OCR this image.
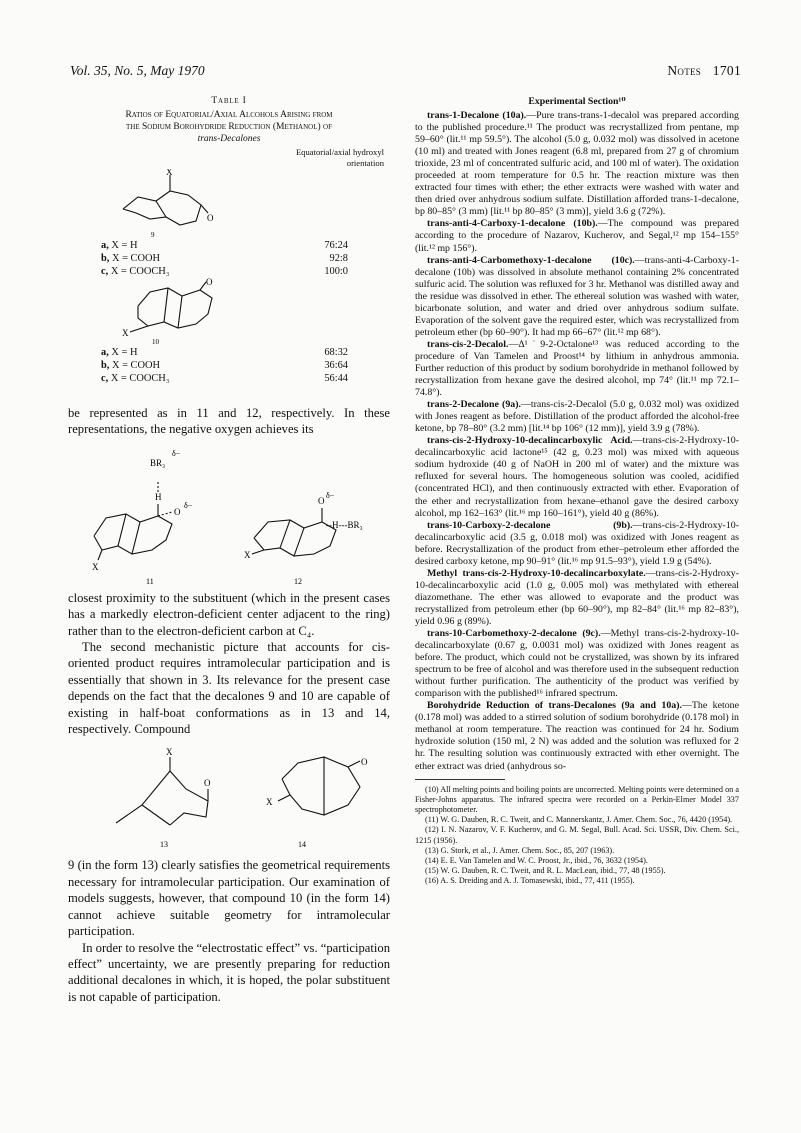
Vol. 35, No. 5, May 1970	Notes 1701
Table I
Ratios of Equatorial/Axial Alcohols Arising from
the Sodium Borohydride Reduction (Methanol) of
trans-Decalones
Equatorial/axial hydroxyl
orientation
X
O
9
a, X = H	76:24
b, X = COOH	92:8
c, X = COOCH₃	100:0
O
X
10
a, X = H	68:32
b, X = COOH	36:64
c, X = COOCH₃	56:44

be represented as in 11 and 12, respectively. In these representations, the negative oxygen achieves its

BR₃
δ−
H
O
δ−
X
11
O
δ−
--H---BR₃
X
12

closest proximity to the substituent (which in the present cases has a markedly electron-deficient center adjacent to the ring) rather than to the electron-deficient carbon at C₄.

The second mechanistic picture that accounts for cis-oriented product requires intramolecular participation and is essentially that shown in 3. Its relevance for the present case depends on the fact that the decalones 9 and 10 are capable of existing in half-boat conformations as in 13 and 14, respectively. Compound

X
O
13
O
X
14

9 (in the form 13) clearly satisfies the geometrical requirements necessary for intramolecular participation. Our examination of models suggests, however, that compound 10 (in the form 14) cannot achieve suitable geometry for intramolecular participation.

In order to resolve the “electrostatic effect” vs. “participation effect” uncertainty, we are presently preparing for reduction additional decalones in which, it is hoped, the polar substituent is not capable of participation.

Experimental Section¹⁰

trans-1-Decalone (10a).—Pure trans-trans-1-decalol was prepared according to the published procedure.¹¹ The product was recrystallized from pentane, mp 59–60° (lit.¹¹ mp 59.5°). The alcohol (5.0 g, 0.032 mol) was dissolved in acetone (10 ml) and treated with Jones reagent (6.8 ml, prepared from 27 g of chromium trioxide, 23 ml of concentrated sulfuric acid, and 100 ml of water). The oxidation proceeded at room temperature for 0.5 hr. The reaction mixture was then extracted four times with ether; the ether extracts were washed with water and then dried over anhydrous sodium sulfate. Distillation afforded trans-1-decalone, bp 80–85° (3 mm) [lit.¹¹ bp 80–85° (3 mm)], yield 3.6 g (72%).

trans-anti-4-Carboxy-1-decalone (10b).—The compound was prepared according to the procedure of Nazarov, Kucherov, and Segal,¹² mp 154–155° (lit.¹² mp 156°).

trans-anti-4-Carbomethoxy-1-decalone (10c).—trans-anti-4-Carboxy-1-decalone (10b) was dissolved in absolute methanol containing 2% concentrated sulfuric acid. The solution was refluxed for 3 hr. Methanol was distilled away and the residue was dissolved in ether. The ethereal solution was washed with water, bicarbonate solution, and water and dried over anhydrous sodium sulfate. Evaporation of the solvent gave the required ester, which was recrystallized from petroleum ether (bp 60–90°). It had mp 66–67° (lit.¹² mp 68°).

trans-cis-2-Decalol.—Δ¹˙9-2-Octalone¹³ was reduced according to the procedure of Van Tamelen and Proost¹⁴ by lithium in anhydrous ammonia. Further reduction of this product by sodium borohydride in methanol followed by recrystallization from hexane gave the desired alcohol, mp 74° (lit.¹¹ mp 72.1–74.8°).

trans-2-Decalone (9a).—trans-cis-2-Decalol (5.0 g, 0.032 mol) was oxidized with Jones reagent as before. Distillation of the product afforded the alcohol-free ketone, bp 78–80° (3.2 mm) [lit.¹⁴ bp 106° (12 mm)], yield 3.9 g (78%).

trans-cis-2-Hydroxy-10-decalincarboxylic Acid.—trans-cis-2-Hydroxy-10-decalincarboxylic acid lactone¹⁵ (42 g, 0.23 mol) was mixed with aqueous sodium hydroxide (40 g of NaOH in 200 ml of water) and the mixture was refluxed for several hours. The homogeneous solution was cooled, acidified (concentrated HCl), and then continuously extracted with ether. Evaporation of the ether and recrystallization from hexane–ethanol gave the desired carboxy alcohol, mp 162–163° (lit.¹⁶ mp 160–161°), yield 40 g (86%).

trans-10-Carboxy-2-decalone (9b).—trans-cis-2-Hydroxy-10-decalincarboxylic acid (3.5 g, 0.018 mol) was oxidized with Jones reagent as before. Recrystallization of the product from ether–petroleum ether afforded the desired carboxy ketone, mp 90–91° (lit.¹⁶ mp 91.5–93°), yield 1.9 g (54%).

Methyl trans-cis-2-Hydroxy-10-decalincarboxylate.—trans-cis-2-Hydroxy-10-decalincarboxylic acid (1.0 g, 0.005 mol) was methylated with ethereal diazomethane. The ether was allowed to evaporate and the product was recrystallized from petroleum ether (bp 60–90°), mp 82–84° (lit.¹⁶ mp 82–83°), yield 0.96 g (89%).

trans-10-Carbomethoxy-2-decalone (9c).—Methyl trans-cis-2-hydroxy-10-decalincarboxylate (0.67 g, 0.0031 mol) was oxidized with Jones reagent as before. The product, which could not be crystallized, was shown by its infrared spectrum to be free of alcohol and was therefore used in the subsequent reduction without further purification. The authenticity of the product was verified by comparison with the published¹⁶ infrared spectrum.

Borohydride Reduction of trans-Decalones (9a and 10a).—The ketone (0.178 mol) was added to a stirred solution of sodium borohydride (0.178 mol) in methanol at room temperature. The reaction was continued for 24 hr. Sodium hydroxide solution (150 ml, 2 N) was added and the solution was refluxed for 2 hr. The resulting solution was continuously extracted with ether overnight. The ether extract was dried (anhydrous so-

(10) All melting points and boiling points are uncorrected. Melting points were determined on a Fisher-Johns apparatus. The infrared spectra were recorded on a Perkin-Elmer Model 337 spectrophotometer.

(11) W. G. Dauben, R. C. Tweit, and C. Mannerskantz, J. Amer. Chem. Soc., 76, 4420 (1954).

(12) I. N. Nazarov, V. F. Kucherov, and G. M. Segal, Bull. Acad. Sci. USSR, Div. Chem. Sci., 1215 (1956).

(13) G. Stork, et al., J. Amer. Chem. Soc., 85, 207 (1963).

(14) E. E. Van Tamelen and W. C. Proost, Jr., ibid., 76, 3632 (1954).

(15) W. G. Dauben, R. C. Tweit, and R. L. MacLean, ibid., 77, 48 (1955).

(16) A. S. Dreiding and A. J. Tomasewski, ibid., 77, 411 (1955).
